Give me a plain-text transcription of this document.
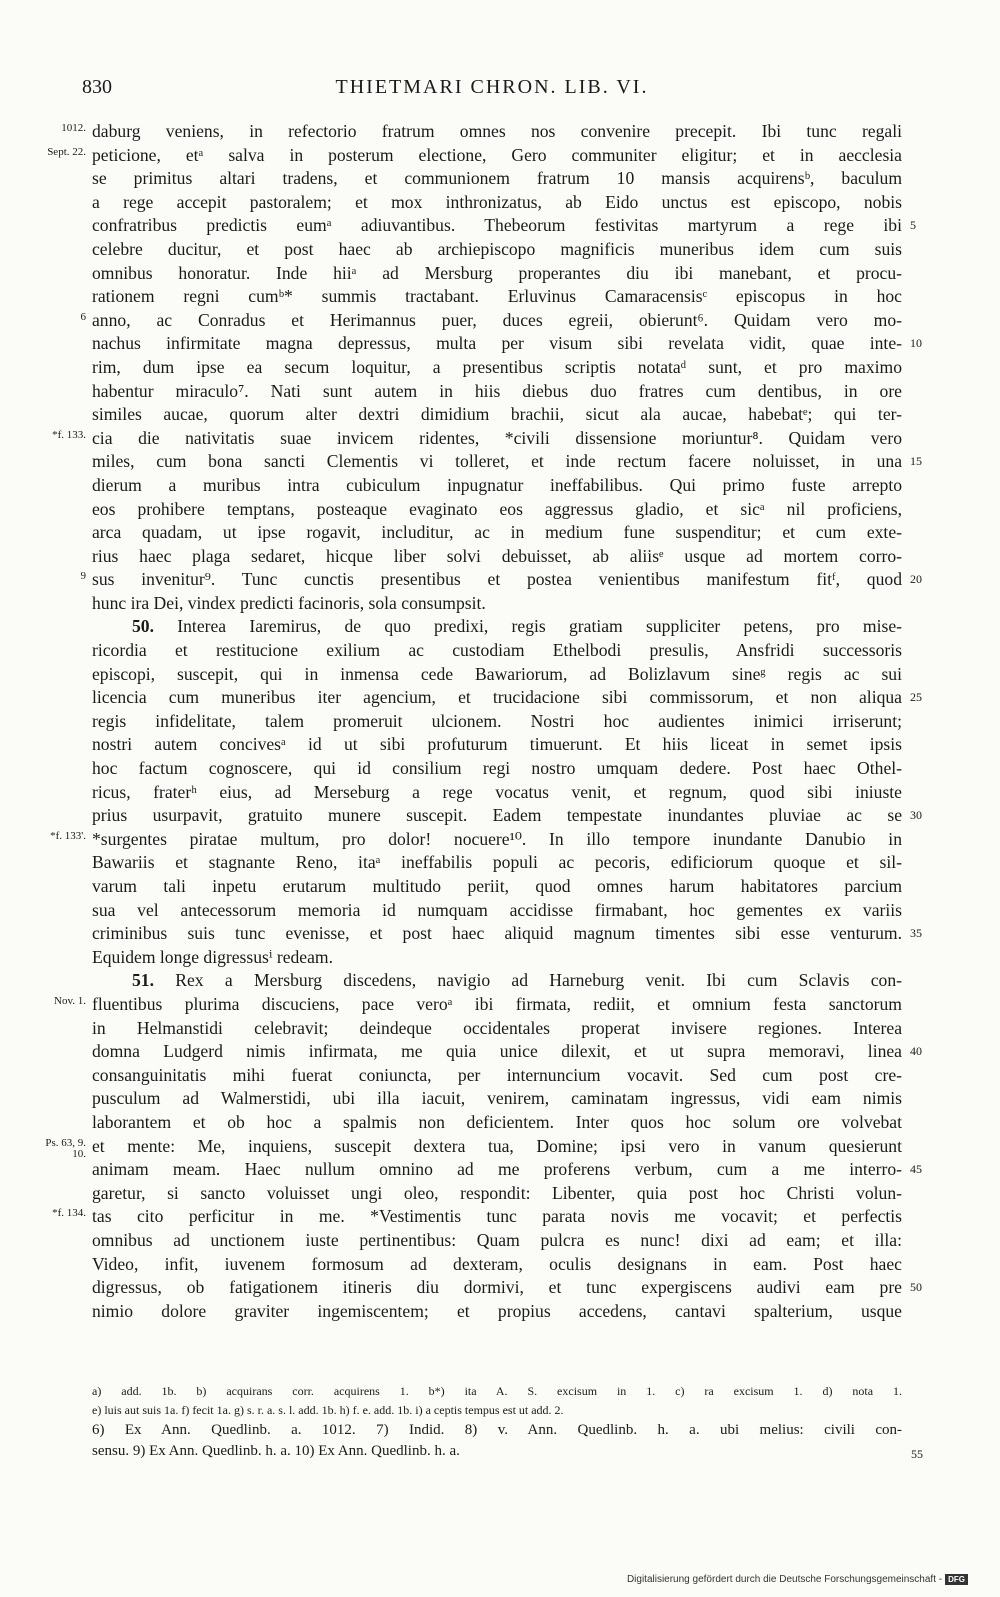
830	THIETMARI CHRON. LIB. VI.
1012. daburg veniens, in refectorio fratrum omnes nos convenire precepit. Ibi tunc regali
Sept. 22. peticione, etᵃ salva in posterum electione, Gero communiter eligitur; et in aecclesia
se primitus altari tradens, et communionem fratrum 10 mansis acquirensᵇ, baculum
a rege accepit pastoralem; et mox inthronizatus, ab Eido unctus est episcopo, nobis
confratribus predictis eumᵃ adiuvantibus. Thebeorum festivitas martyrum a rege ibi 5
celebre ducitur, et post haec ab archiepiscopo magnificis muneribus idem cum suis
omnibus honoratur. Inde hiiᵃ ad Mersburg properantes diu ibi manebant, et procu-
rationem regni cumᵇ* summis tractabant. Erluvinus Camaracensisᶜ episcopus in hoc
6 anno, ac Conradus et Herimannus puer, duces egreii, obierunt⁶. Quidam vero mo-
nachus infirmitate magna depressus, multa per visum sibi revelata vidit, quae inte- 10
rim, dum ipse ea secum loquitur, a presentibus scriptis notataᵈ sunt, et pro maximo
habentur miraculo⁷. Nati sunt autem in hiis diebus duo fratres cum dentibus, in ore
similes aucae, quorum alter dextri dimidium brachii, sicut ala aucae, habebatᵉ; qui ter-
*f. 133. cia die nativitatis suae invicem ridentes, *civili dissensione moriuntur⁸. Quidam vero
miles, cum bona sancti Clementis vi tolleret, et inde rectum facere noluisset, in una 15
dierum a muribus intra cubiculum inpugnatur ineffabilibus. Qui primo fuste arrepto
eos prohibere temptans, posteaque evaginato eos aggressus gladio, et sicᵃ nil proficiens,
arca quadam, ut ipse rogavit, includitur, ac in medium fune suspenditur; et cum exte-
rius haec plaga sedaret, hicque liber solvi debuisset, ab aliisᵉ usque ad mortem corro-
9 sus invenitur⁹. Tunc cunctis presentibus et postea venientibus manifestum fitᶠ, quod 20
hunc ira Dei, vindex predicti facinoris, sola consumpsit.
50. Interea Iaremirus, de quo predixi, regis gratiam suppliciter petens, pro mise-
ricordia et restitucione exilium ac custodiam Ethelbodi presulis, Ansfridi successoris
episcopi, suscepit, qui in inmensa cede Bawariorum, ad Bolizlavum sineᵍ regis ac sui
licencia cum muneribus iter agencium, et trucidacione sibi commissorum, et non aliqua 25
regis infidelitate, talem promeruit ulcionem. Nostri hoc audientes inimici irriserunt;
nostri autem concivesᵃ id ut sibi profuturum timuerunt. Et hiis liceat in semet ipsis
hoc factum cognoscere, qui id consilium regi nostro umquam dedere. Post haec Othel-
ricus, fraterʰ eius, ad Merseburg a rege vocatus venit, et regnum, quod sibi iniuste
prius usurpavit, gratuito munere suscepit. Eadem tempestate inundantes pluviae ac se 30
*f. 133'. *surgentes piratae multum, pro dolor! nocuere¹⁰. In illo tempore inundante Danubio in
Bawariis et stagnante Reno, itaᵃ ineffabilis populi ac pecoris, edificiorum quoque et sil-
varum tali inpetu erutarum multitudo periit, quod omnes harum habitatores parcium
sua vel antecessorum memoria id numquam accidisse firmabant, hoc gementes ex variis
criminibus suis tunc evenisse, et post haec aliquid magnum timentes sibi esse venturum. 35
Equidem longe digressusⁱ redeam.
51. Rex a Mersburg discedens, navigio ad Harneburg venit. Ibi cum Sclavis con-
Nov. 1. fluentibus plurima discuciens, pace veroᵃ ibi firmata, rediit, et omnium festa sanctorum
in Helmanstidi celebravit; deindeque occidentales properat invisere regiones. Interea
domna Ludgerd nimis infirmata, me quia unice dilexit, et ut supra memoravi, linea 40
consanguinitatis mihi fuerat coniuncta, per internuncium vocavit. Sed cum post cre-
pusculum ad Walmerstidi, ubi illa iacuit, venirem, caminatam ingressus, vidi eam nimis
laborantem et ob hoc a spalmis non deficientem. Inter quos hoc solum ore volvebat
Ps. 63, 9. 10. et mente: Me, inquiens, suscepit dextera tua, Domine; ipsi vero in vanum quesierunt
animam meam. Haec nullum omnino ad me proferens verbum, cum a me interro- 45
garetur, si sancto voluisset ungi oleo, respondit: Libenter, quia post hoc Christi volun-
*f. 134. tas cito perficitur in me. *Vestimentis tunc parata novis me vocavit; et perfectis
omnibus ad unctionem iuste pertinentibus: Quam pulcra es nunc! dixi ad eam; et illa:
Video, infit, iuvenem formosum ad dexteram, oculis designans in eam. Post haec
digressus, ob fatigationem itineris diu dormivi, et tunc expergiscens audivi eam pre 50
nimio dolore graviter ingemiscentem; et propius accedens, cantavi spalterium, usque
a) add. 1b. b) acquirans corr. acquirens 1. b*) ita A. S. excisum in 1. c) ra excisum 1. d) nota 1.
e) luis aut suis 1a. f) fecit 1a. g) s. r. a. s. l. add. 1b. h) f. e. add. 1b. i) a ceptis tempus est ut add. 2.
6) Ex Ann. Quedlinb. a. 1012. 7) Indid. 8) v. Ann. Quedlinb. h. a. ubi melius: civili con-
sensu. 9) Ex Ann. Quedlinb. h. a. 10) Ex Ann. Quedlinb. h. a.	55
Digitalisierung gefördert durch die Deutsche Forschungsgemeinschaft - DFG
